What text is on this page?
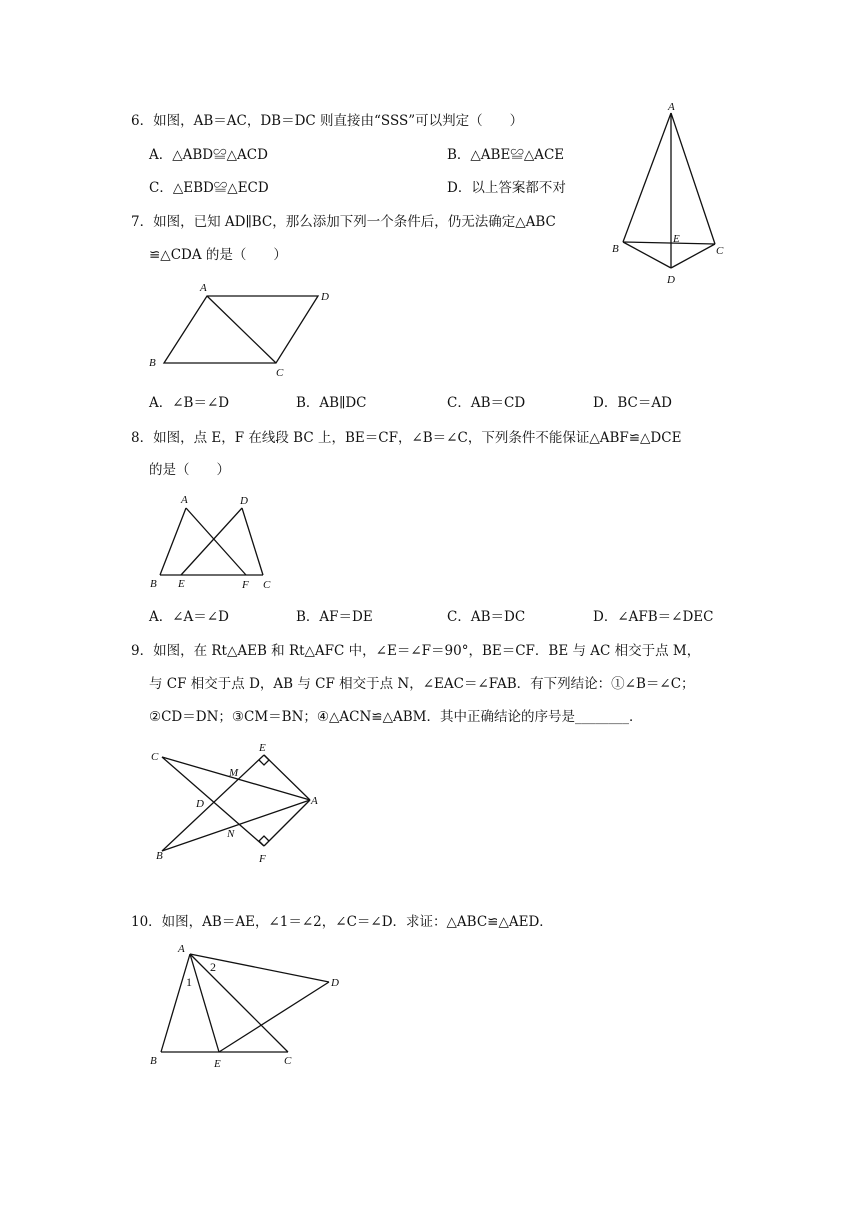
6．如图，AB＝AC，DB＝DC 则直接由“SSS”可以判定（　　）
A．△ABD≌△ACD	B．△ABE≌△ACE
C．△EBD≌△ECD	D．以上答案都不对
A
B	C
D
E
7．如图，已知 AD∥BC，那么添加下列一个条件后，仍无法确定△ABC
≌△CDA 的是（　　）
A
D
B
C
A．∠B＝∠D	B．AB∥DC	C．AB＝CD	D．BC＝AD
8．如图，点 E，F 在线段 BC 上，BE＝CF，∠B＝∠C，下列条件不能保证△ABF≌△DCE
的是（　　）
A	D
B E	F C
A．∠A＝∠D	B．AF＝DE	C．AB＝DC	D．∠AFB＝∠DEC
9．如图，在 Rt△AEB 和 Rt△AFC 中，∠E＝∠F＝90°，BE＝CF．BE 与 AC 相交于点 M，
与 CF 相交于点 D，AB 与 CF 相交于点 N，∠EAC＝∠FAB．有下列结论：①∠B＝∠C；
②CD＝DN；③CM＝BN；④△ACN≌△ABM．其中正确结论的序号是________．
E
C
M
D	A
N
B	F
10．如图，AB＝AE，∠1＝∠2，∠C＝∠D．求证：△ABC≌△AED．
A
D
B	E	C
1
2
